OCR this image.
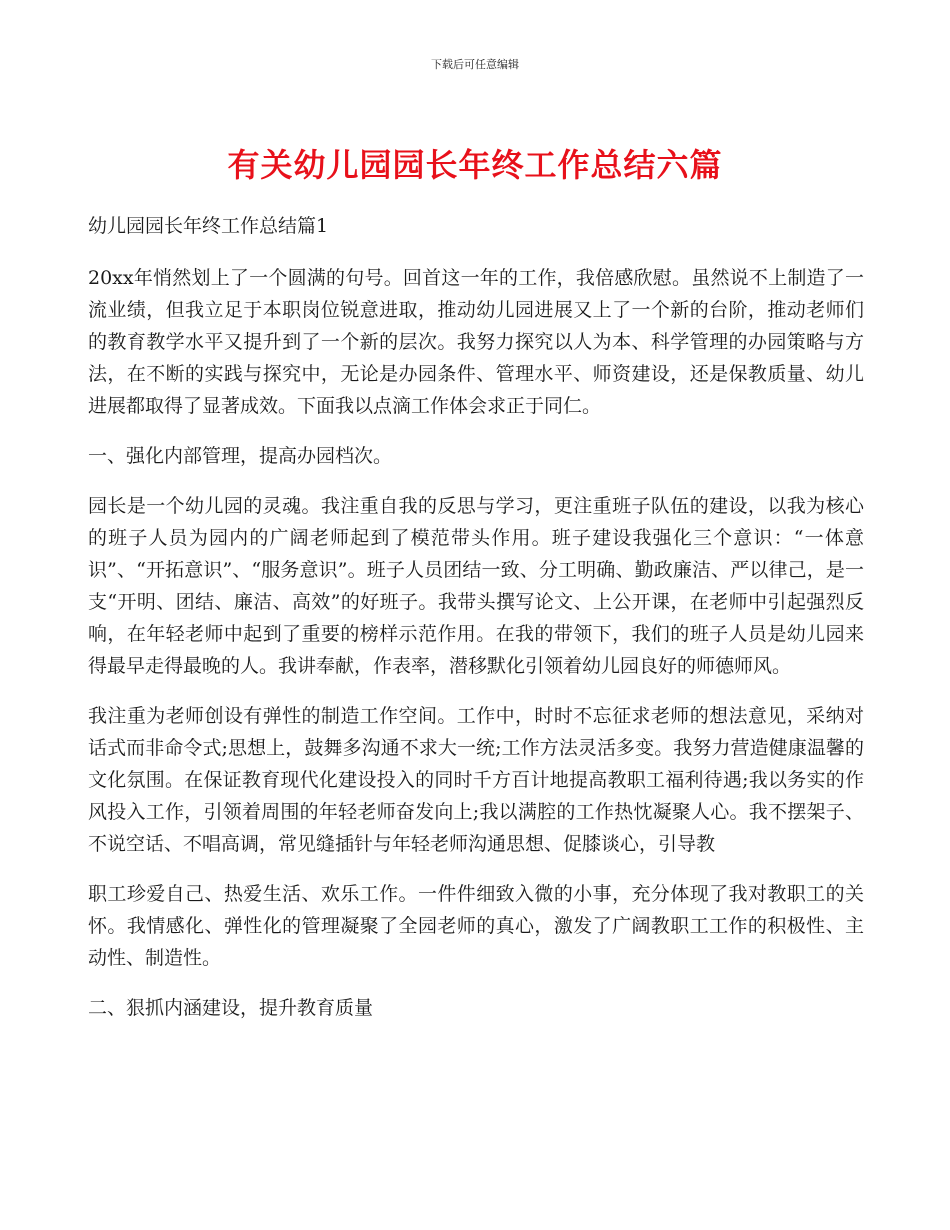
下载后可任意编辑
有关幼儿园园长年终工作总结六篇

幼儿园园长年终工作总结篇1

20xx年悄然划上了一个圆满的句号。回首这一年的工作，我倍感欣慰。虽然说不上制造了一流业绩，但我立足于本职岗位锐意进取，推动幼儿园进展又上了一个新的台阶，推动老师们的教育教学水平又提升到了一个新的层次。我努力探究以人为本、科学管理的办园策略与方法，在不断的实践与探究中，无论是办园条件、管理水平、师资建设，还是保教质量、幼儿进展都取得了显著成效。下面我以点滴工作体会求正于同仁。

一、强化内部管理，提高办园档次。

园长是一个幼儿园的灵魂。我注重自我的反思与学习，更注重班子队伍的建设，以我为核心的班子人员为园内的广阔老师起到了模范带头作用。班子建设我强化三个意识：“一体意识”、“开拓意识”、“服务意识”。班子人员团结一致、分工明确、勤政廉洁、严以律己，是一支“开明、团结、廉洁、高效”的好班子。我带头撰写论文、上公开课，在老师中引起强烈反响，在年轻老师中起到了重要的榜样示范作用。在我的带领下，我们的班子人员是幼儿园来得最早走得最晚的人。我讲奉献，作表率，潜移默化引领着幼儿园良好的师德师风。

我注重为老师创设有弹性的制造工作空间。工作中，时时不忘征求老师的想法意见，采纳对话式而非命令式;思想上，鼓舞多沟通不求大一统;工作方法灵活多变。我努力营造健康温馨的文化氛围。在保证教育现代化建设投入的同时千方百计地提高教职工福利待遇;我以务实的作风投入工作，引领着周围的年轻老师奋发向上;我以满腔的工作热忱凝聚人心。我不摆架子、不说空话、不唱高调，常见缝插针与年轻老师沟通思想、促膝谈心，引导教

职工珍爱自己、热爱生活、欢乐工作。一件件细致入微的小事，充分体现了我对教职工的关怀。我情感化、弹性化的管理凝聚了全园老师的真心，激发了广阔教职工工作的积极性、主动性、制造性。

二、狠抓内涵建设，提升教育质量
